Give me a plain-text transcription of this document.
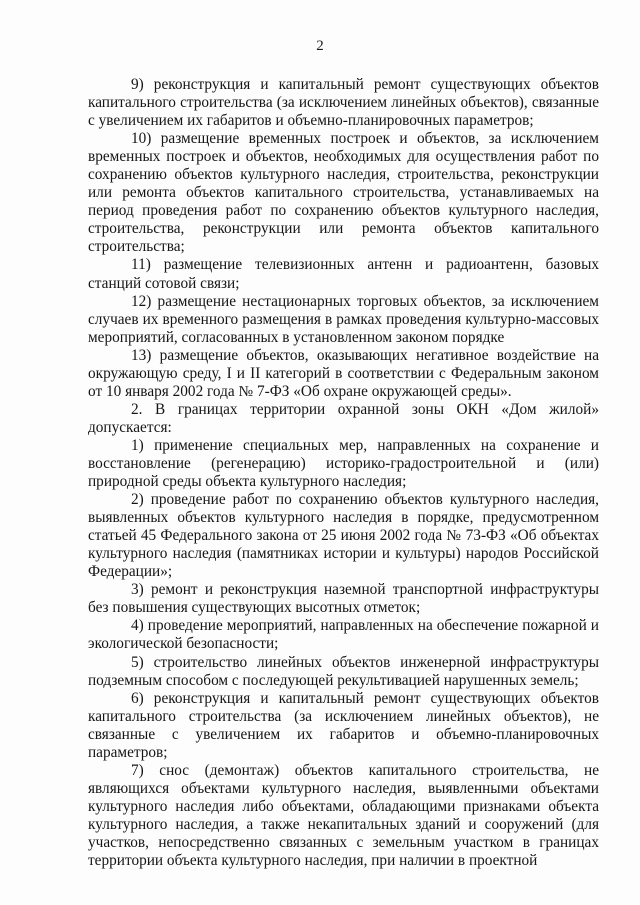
2

9) реконструкция и капитальный ремонт существующих объектов капитального строительства (за исключением линейных объектов), связанные с увеличением их габаритов и объемно-планировочных параметров;

10) размещение временных построек и объектов, за исключением временных построек и объектов, необходимых для осуществления работ по сохранению объектов культурного наследия, строительства, реконструкции или ремонта объектов капитального строительства, устанавливаемых на период проведения работ по сохранению объектов культурного наследия, строительства, реконструкции или ремонта объектов капитального строительства;

11) размещение телевизионных антенн и радиоантенн, базовых станций сотовой связи;

12) размещение нестационарных торговых объектов, за исключением случаев их временного размещения в рамках проведения культурно-массовых мероприятий, согласованных в установленном законом порядке

13) размещение объектов, оказывающих негативное воздействие на окружающую среду, I и II категорий в соответствии с Федеральным законом от 10 января 2002 года № 7-ФЗ «Об охране окружающей среды».

2. В границах территории охранной зоны ОКН «Дом жилой» допускается:

1) применение специальных мер, направленных на сохранение и восстановление (регенерацию) историко-градостроительной и (или) природной среды объекта культурного наследия;

2) проведение работ по сохранению объектов культурного наследия, выявленных объектов культурного наследия в порядке, предусмотренном статьей 45 Федерального закона от 25 июня 2002 года № 73-ФЗ «Об объектах культурного наследия (памятниках истории и культуры) народов Российской Федерации»;

3) ремонт и реконструкция наземной транспортной инфраструктуры без повышения существующих высотных отметок;

4) проведение мероприятий, направленных на обеспечение пожарной и экологической безопасности;

5) строительство линейных объектов инженерной инфраструктуры подземным способом с последующей рекультивацией нарушенных земель;

6) реконструкция и капитальный ремонт существующих объектов капитального строительства (за исключением линейных объектов), не связанные с увеличением их габаритов и объемно-планировочных параметров;

7) снос (демонтаж) объектов капитального строительства, не являющихся объектами культурного наследия, выявленными объектами культурного наследия либо объектами, обладающими признаками объекта культурного наследия, а также некапитальных зданий и сооружений (для участков, непосредственно связанных с земельным участком в границах территории объекта культурного наследия, при наличии в проектной
